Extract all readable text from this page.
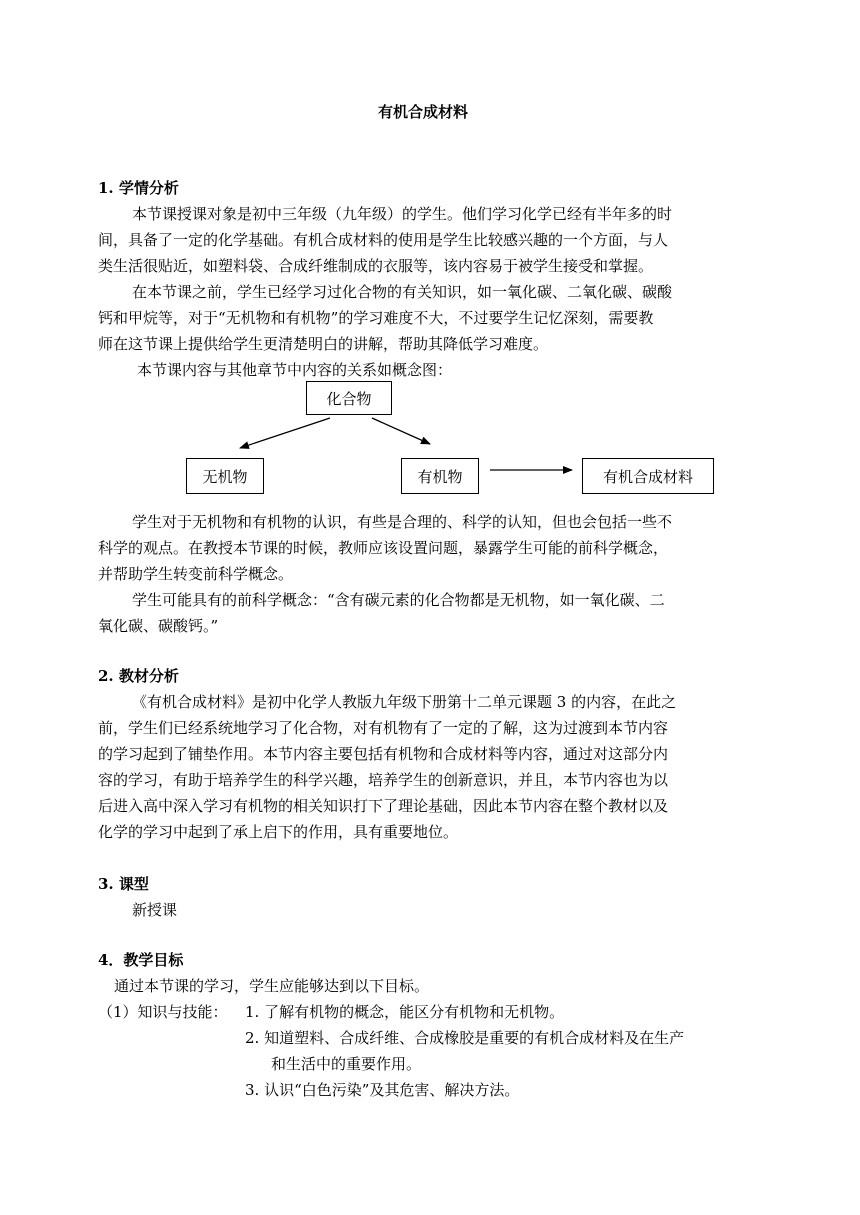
有机合成材料
1. 学情分析
本节课授课对象是初中三年级（九年级）的学生。他们学习化学已经有半年多的时
间，具备了一定的化学基础。有机合成材料的使用是学生比较感兴趣的一个方面，与人
类生活很贴近，如塑料袋、合成纤维制成的衣服等，该内容易于被学生接受和掌握。
在本节课之前，学生已经学习过化合物的有关知识，如一氧化碳、二氧化碳、碳酸
钙和甲烷等，对于“无机物和有机物”的学习难度不大，不过要学生记忆深刻，需要教
师在这节课上提供给学生更清楚明白的讲解，帮助其降低学习难度。
本节课内容与其他章节中内容的关系如概念图：
化合物
无机物	有机物	有机合成材料
学生对于无机物和有机物的认识，有些是合理的、科学的认知，但也会包括一些不
科学的观点。在教授本节课的时候，教师应该设置问题，暴露学生可能的前科学概念，
并帮助学生转变前科学概念。
学生可能具有的前科学概念：“含有碳元素的化合物都是无机物，如一氧化碳、二
氧化碳、碳酸钙。”
2. 教材分析
《有机合成材料》是初中化学人教版九年级下册第十二单元课题 3 的内容，在此之
前，学生们已经系统地学习了化合物，对有机物有了一定的了解，这为过渡到本节内容
的学习起到了铺垫作用。本节内容主要包括有机物和合成材料等内容，通过对这部分内
容的学习，有助于培养学生的科学兴趣，培养学生的创新意识，并且，本节内容也为以
后进入高中深入学习有机物的相关知识打下了理论基础，因此本节内容在整个教材以及
化学的学习中起到了承上启下的作用，具有重要地位。
3. 课型
新授课
4．教学目标
通过本节课的学习，学生应能够达到以下目标。
（1）知识与技能： 1. 了解有机物的概念，能区分有机物和无机物。
2. 知道塑料、合成纤维、合成橡胶是重要的有机合成材料及在生产
和生活中的重要作用。
3. 认识“白色污染”及其危害、解决方法。
